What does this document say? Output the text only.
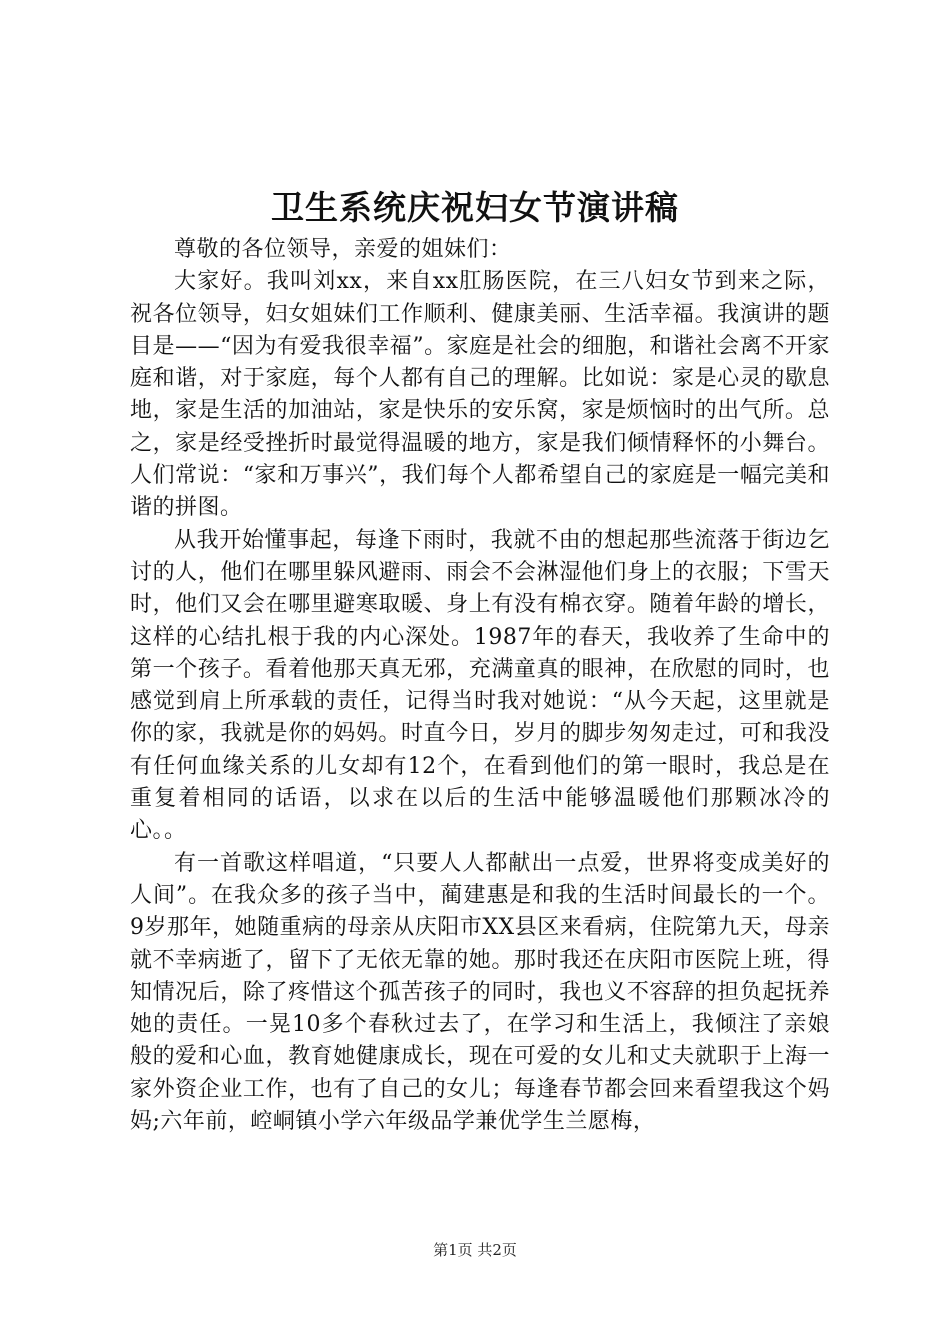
卫生系统庆祝妇女节演讲稿

尊敬的各位领导，亲爱的姐妹们：

大家好。我叫刘xx，来自xx肛肠医院，在三八妇女节到来之际，祝各位领导，妇女姐妹们工作顺利、健康美丽、生活幸福。我演讲的题目是——“因为有爱我很幸福”。家庭是社会的细胞，和谐社会离不开家庭和谐，对于家庭，每个人都有自己的理解。比如说：家是心灵的歇息地，家是生活的加油站，家是快乐的安乐窝，家是烦恼时的出气所。总之，家是经受挫折时最觉得温暖的地方，家是我们倾情释怀的小舞台。人们常说：“家和万事兴”，我们每个人都希望自己的家庭是一幅完美和谐的拼图。

从我开始懂事起，每逢下雨时，我就不由的想起那些流落于街边乞讨的人，他们在哪里躲风避雨、雨会不会淋湿他们身上的衣服；下雪天时，他们又会在哪里避寒取暖、身上有没有棉衣穿。随着年龄的增长，这样的心结扎根于我的内心深处。1987年的春天，我收养了生命中的第一个孩子。看着他那天真无邪，充满童真的眼神，在欣慰的同时，也感觉到肩上所承载的责任，记得当时我对她说：“从今天起，这里就是你的家，我就是你的妈妈。时直今日，岁月的脚步匆匆走过，可和我没有任何血缘关系的儿女却有12个，在看到他们的第一眼时，我总是在重复着相同的话语，以求在以后的生活中能够温暖他们那颗冰冷的心。。

有一首歌这样唱道，“只要人人都献出一点爱，世界将变成美好的人间”。在我众多的孩子当中，蔺建惠是和我的生活时间最长的一个。9岁那年，她随重病的母亲从庆阳市XX县区来看病，住院第九天，母亲就不幸病逝了，留下了无依无靠的她。那时我还在庆阳市医院上班，得知情况后，除了疼惜这个孤苦孩子的同时，我也义不容辞的担负起抚养她的责任。一晃10多个春秋过去了，在学习和生活上，我倾注了亲娘般的爱和心血，教育她健康成长，现在可爱的女儿和丈夫就职于上海一家外资企业工作，也有了自己的女儿；每逢春节都会回来看望我这个妈妈;六年前，崆峒镇小学六年级品学兼优学生兰愿梅，

第1页 共2页
